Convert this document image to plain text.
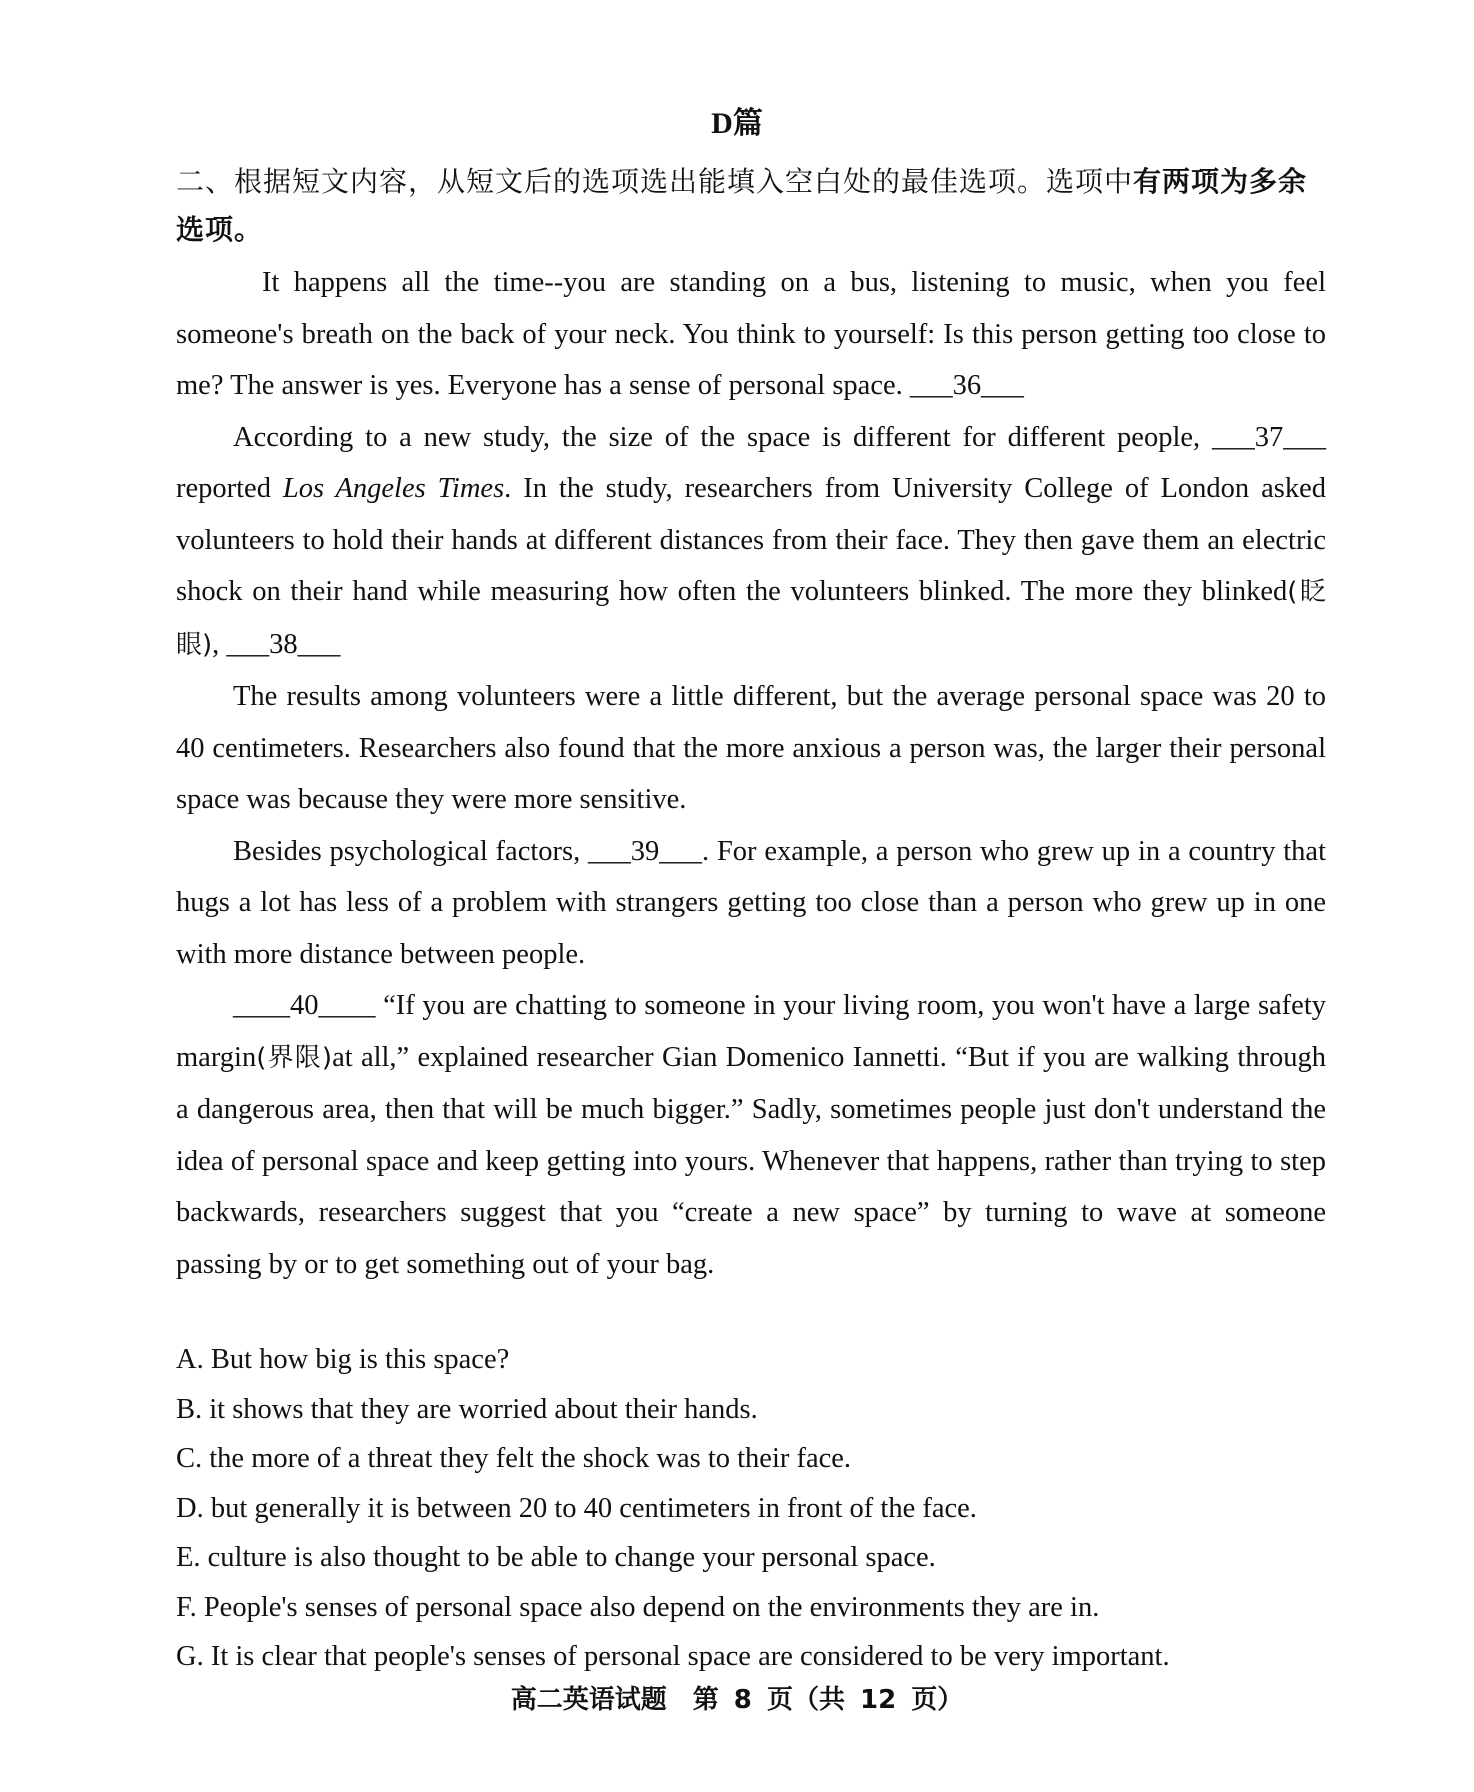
D篇
二、根据短文内容，从短文后的选项选出能填入空白处的最佳选项。选项中有两项为多余选项。

It happens all the time--you are standing on a bus, listening to music, when you feel someone's breath on the back of your neck. You think to yourself: Is this person getting too close to me? The answer is yes. Everyone has a sense of personal space. ___36___

According to a new study, the size of the space is different for different people, ___37___ reported Los Angeles Times. In the study, researchers from University College of London asked volunteers to hold their hands at different distances from their face. They then gave them an electric shock on their hand while measuring how often the volunteers blinked. The more they blinked(眨眼), ___38___

The results among volunteers were a little different, but the average personal space was 20 to 40 centimeters. Researchers also found that the more anxious a person was, the larger their personal space was because they were more sensitive.

Besides psychological factors, ___39___. For example, a person who grew up in a country that hugs a lot has less of a problem with strangers getting too close than a person who grew up in one with more distance between people.

____40____ “If you are chatting to someone in your living room, you won't have a large safety margin(界限)at all,” explained researcher Gian Domenico Iannetti. “But if you are walking through a dangerous area, then that will be much bigger.” Sadly, sometimes people just don't understand the idea of personal space and keep getting into yours. Whenever that happens, rather than trying to step backwards, researchers suggest that you “create a new space” by turning to wave at someone passing by or to get something out of your bag.

A. But how big is this space?
B. it shows that they are worried about their hands.
C. the more of a threat they felt the shock was to their face.
D. but generally it is between 20 to 40 centimeters in front of the face.
E. culture is also thought to be able to change your personal space.
F. People's senses of personal space also depend on the environments they are in.
G. It is clear that people's senses of personal space are considered to be very important.
高二英语试题　第 8 页（共 12 页）
